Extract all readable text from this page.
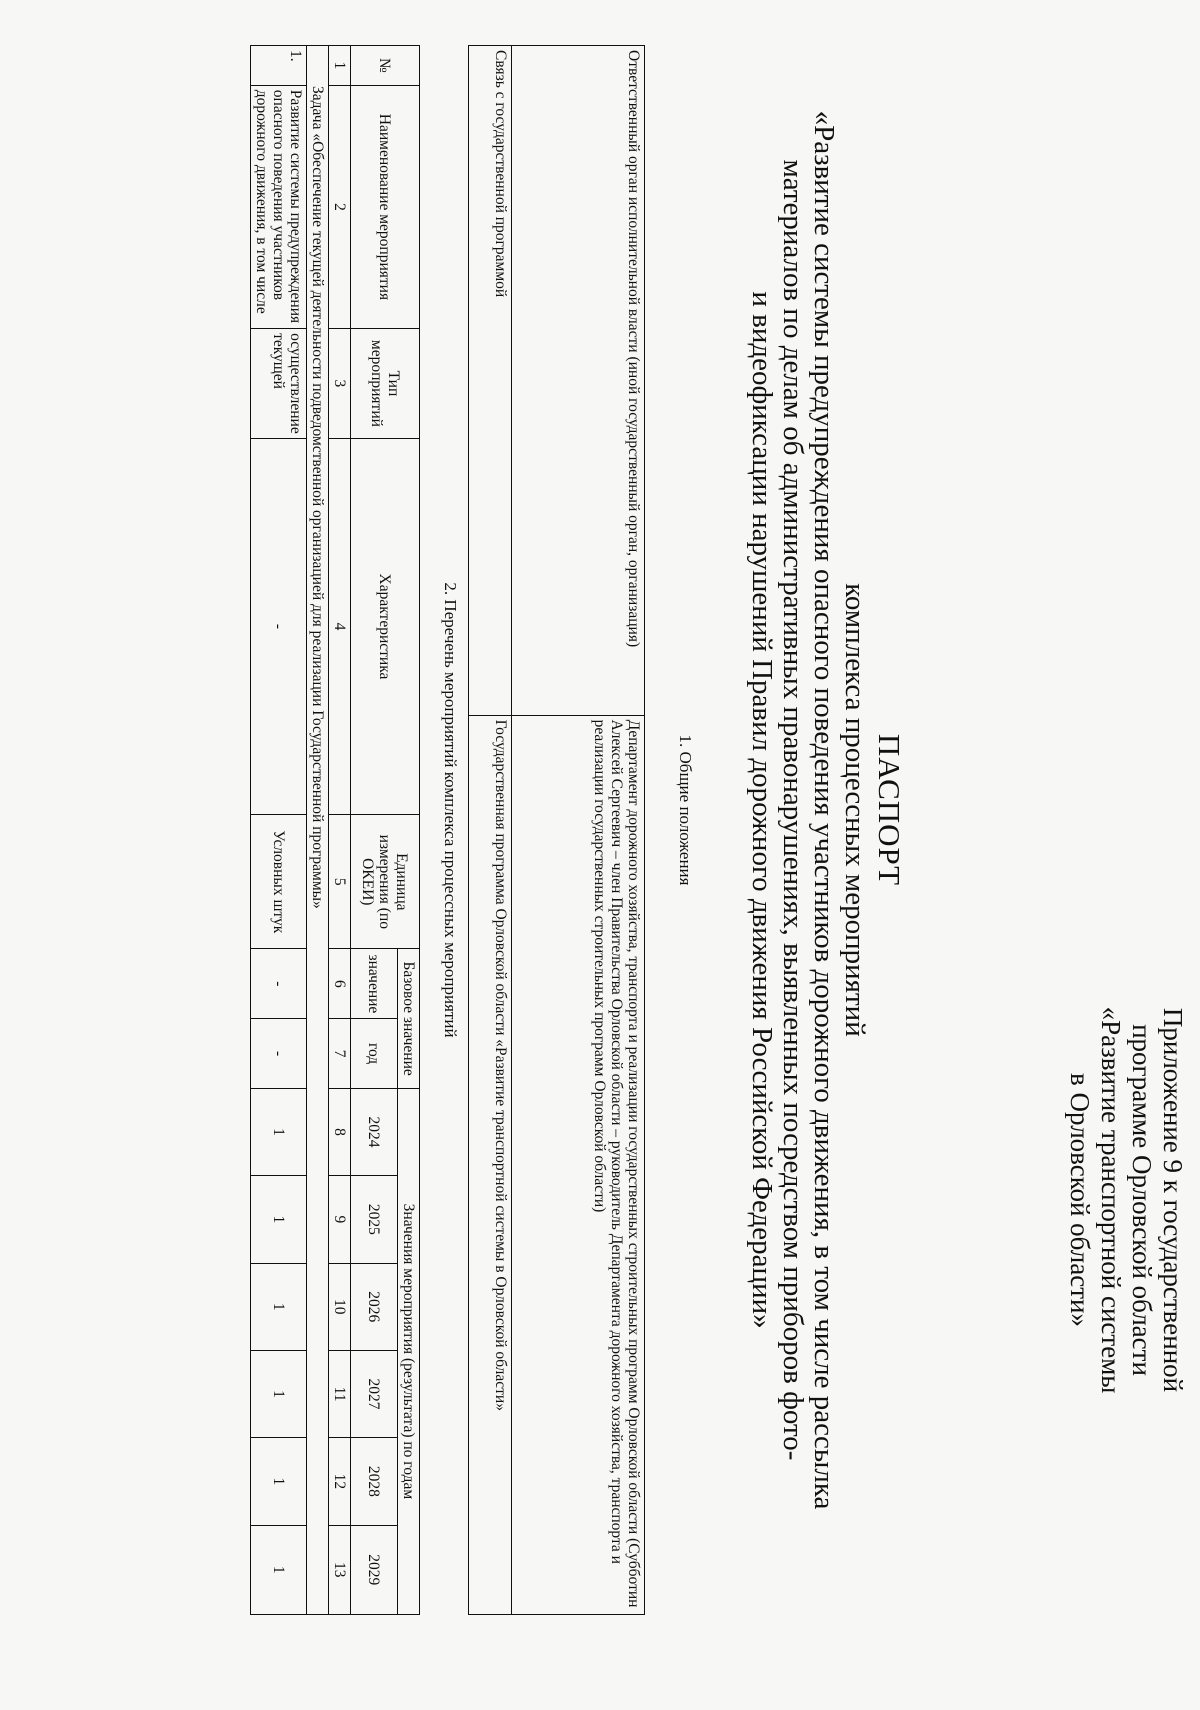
Приложение 9 к государственной
программе Орловской области
«Развитие транспортной системы
в Орловской области»
ПАСПОРТ
комплекса процессных мероприятий
«Развитие системы предупреждения опасного поведения участников дорожного движения, в том числе рассылка
материалов по делам об административных правонарушениях, выявленных посредством приборов фото-
и видеофиксации нарушений Правил дорожного движения Российской Федерации»
1. Общие положения
Ответственный орган исполнительной власти (иной государственный орган, организация)	Департамент дорожного хозяйства, транспорта и реализации государственных строительных программ Орловской области (Субботин Алексей Сергеевич – член Правительства Орловской области – руководитель Департамента дорожного хозяйства, транспорта и реализации государственных строительных программ Орловской области)
Связь с государственной программой	Государственная программа Орловской области «Развитие транспортной системы в Орловской области»
2. Перечень мероприятий комплекса процессных мероприятий
№	Наименование мероприятия	Тип мероприятий	Характеристика	Единица измерения (по ОКЕИ)	Базовое значение		Значения мероприятия (результата) по годам					
					значение	год	2024	2025	2026	2027	2028	2029
1	2	3	4	5	6	7	8	9	10	11	12	13
Задача «Обеспечение текущей деятельности подведомственной организацией для реализации Государственной программы»												
1.	Развитие системы предупреждения опасного поведения участников дорожного движения, в том числе	осуществление текущей	-	Условных штук	-	-	1	1	1	1	1	1
